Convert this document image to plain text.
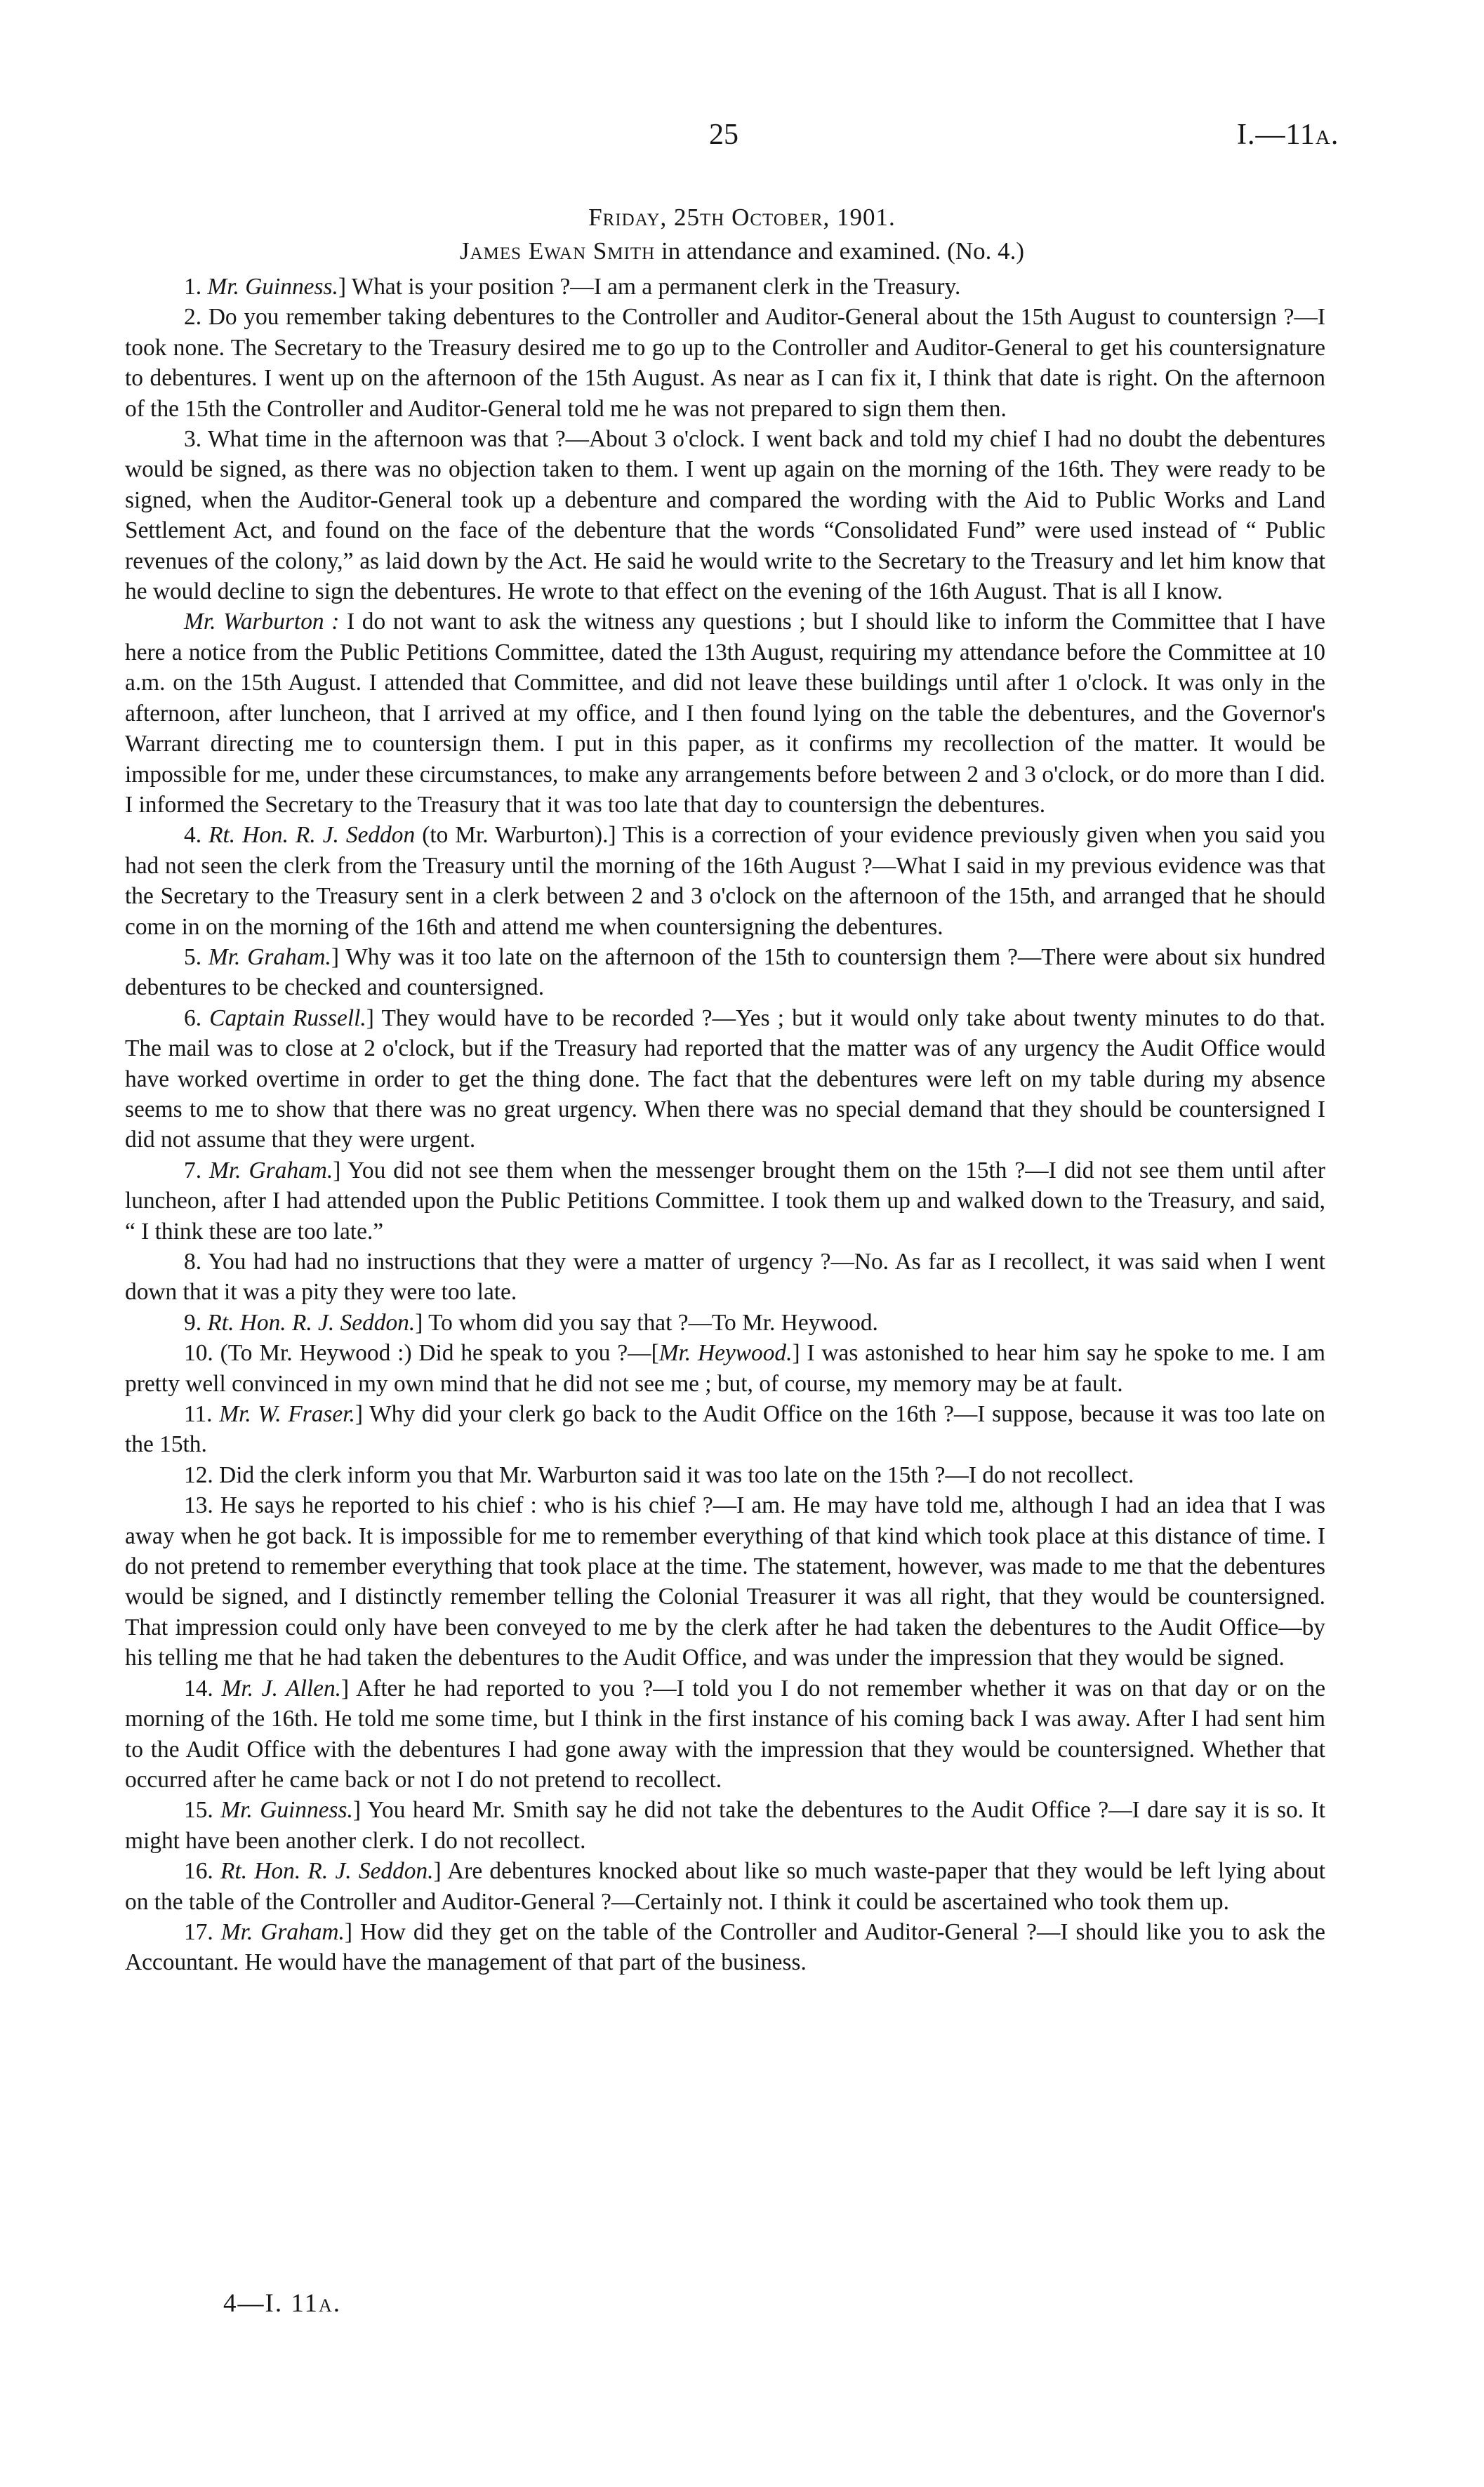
25	I.—11a.
Friday, 25th October, 1901.
James Ewan Smith in attendance and examined. (No. 4.)

1. Mr. Guinness.] What is your position ?—I am a permanent clerk in the Treasury.

2. Do you remember taking debentures to the Controller and Auditor-General about the 15th August to countersign ?—I took none. The Secretary to the Treasury desired me to go up to the Controller and Auditor-General to get his countersignature to debentures. I went up on the afternoon of the 15th August. As near as I can fix it, I think that date is right. On the afternoon of the 15th the Controller and Auditor-General told me he was not prepared to sign them then.

3. What time in the afternoon was that ?—About 3 o'clock. I went back and told my chief I had no doubt the debentures would be signed, as there was no objection taken to them. I went up again on the morning of the 16th. They were ready to be signed, when the Auditor-General took up a debenture and compared the wording with the Aid to Public Works and Land Settlement Act, and found on the face of the debenture that the words “Consolidated Fund” were used instead of “ Public revenues of the colony,” as laid down by the Act. He said he would write to the Secretary to the Treasury and let him know that he would decline to sign the debentures. He wrote to that effect on the evening of the 16th August. That is all I know.

Mr. Warburton : I do not want to ask the witness any questions ; but I should like to inform the Committee that I have here a notice from the Public Petitions Committee, dated the 13th August, requiring my attendance before the Committee at 10 a.m. on the 15th August. I attended that Committee, and did not leave these buildings until after 1 o'clock. It was only in the afternoon, after luncheon, that I arrived at my office, and I then found lying on the table the debentures, and the Governor's Warrant directing me to countersign them. I put in this paper, as it confirms my recollection of the matter. It would be impossible for me, under these circumstances, to make any arrangements before between 2 and 3 o'clock, or do more than I did. I informed the Secretary to the Treasury that it was too late that day to countersign the debentures.

4. Rt. Hon. R. J. Seddon (to Mr. Warburton).] This is a correction of your evidence previously given when you said you had not seen the clerk from the Treasury until the morning of the 16th August ?—What I said in my previous evidence was that the Secretary to the Treasury sent in a clerk between 2 and 3 o'clock on the afternoon of the 15th, and arranged that he should come in on the morning of the 16th and attend me when countersigning the debentures.

5. Mr. Graham.] Why was it too late on the afternoon of the 15th to countersign them ?—There were about six hundred debentures to be checked and countersigned.

6. Captain Russell.] They would have to be recorded ?—Yes ; but it would only take about twenty minutes to do that. The mail was to close at 2 o'clock, but if the Treasury had reported that the matter was of any urgency the Audit Office would have worked overtime in order to get the thing done. The fact that the debentures were left on my table during my absence seems to me to show that there was no great urgency. When there was no special demand that they should be countersigned I did not assume that they were urgent.

7. Mr. Graham.] You did not see them when the messenger brought them on the 15th ?—I did not see them until after luncheon, after I had attended upon the Public Petitions Committee. I took them up and walked down to the Treasury, and said, “ I think these are too late.”

8. You had had no instructions that they were a matter of urgency ?—No. As far as I recollect, it was said when I went down that it was a pity they were too late.

9. Rt. Hon. R. J. Seddon.] To whom did you say that ?—To Mr. Heywood.

10. (To Mr. Heywood :) Did he speak to you ?—[Mr. Heywood.] I was astonished to hear him say he spoke to me. I am pretty well convinced in my own mind that he did not see me ; but, of course, my memory may be at fault.

11. Mr. W. Fraser.] Why did your clerk go back to the Audit Office on the 16th ?—I suppose, because it was too late on the 15th.

12. Did the clerk inform you that Mr. Warburton said it was too late on the 15th ?—I do not recollect.

13. He says he reported to his chief : who is his chief ?—I am. He may have told me, although I had an idea that I was away when he got back. It is impossible for me to remember everything of that kind which took place at this distance of time. I do not pretend to remember everything that took place at the time. The statement, however, was made to me that the debentures would be signed, and I distinctly remember telling the Colonial Treasurer it was all right, that they would be countersigned. That impression could only have been conveyed to me by the clerk after he had taken the debentures to the Audit Office—by his telling me that he had taken the debentures to the Audit Office, and was under the impression that they would be signed.

14. Mr. J. Allen.] After he had reported to you ?—I told you I do not remember whether it was on that day or on the morning of the 16th. He told me some time, but I think in the first instance of his coming back I was away. After I had sent him to the Audit Office with the debentures I had gone away with the impression that they would be countersigned. Whether that occurred after he came back or not I do not pretend to recollect.

15. Mr. Guinness.] You heard Mr. Smith say he did not take the debentures to the Audit Office ?—I dare say it is so. It might have been another clerk. I do not recollect.

16. Rt. Hon. R. J. Seddon.] Are debentures knocked about like so much waste-paper that they would be left lying about on the table of the Controller and Auditor-General ?—Certainly not. I think it could be ascertained who took them up.

17. Mr. Graham.] How did they get on the table of the Controller and Auditor-General ?—I should like you to ask the Accountant. He would have the management of that part of the business.

4—I. 11a.
